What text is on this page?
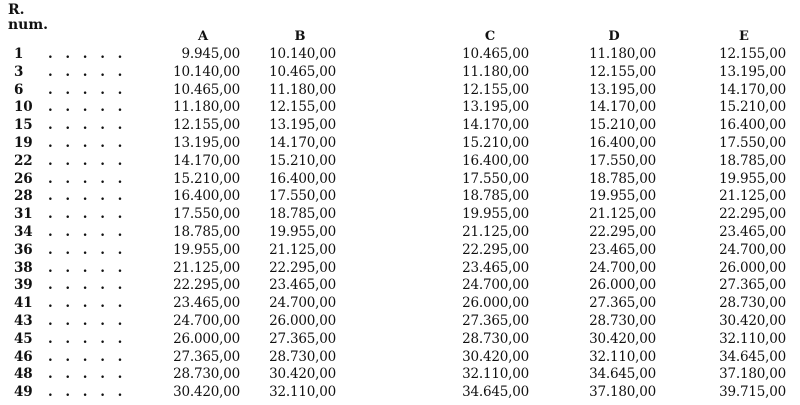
R.
num.
A	B	C	D	E
1	. . . . .	9.945,00	10.140,00	10.465,00	11.180,00	12.155,00
3	. . . . .	10.140,00	10.465,00	11.180,00	12.155,00	13.195,00
6	. . . . .	10.465,00	11.180,00	12.155,00	13.195,00	14.170,00
10	. . . . .	11.180,00	12.155,00	13.195,00	14.170,00	15.210,00
15	. . . . .	12.155,00	13.195,00	14.170,00	15.210,00	16.400,00
19	. . . . .	13.195,00	14.170,00	15.210,00	16.400,00	17.550,00
22	. . . . .	14.170,00	15.210,00	16.400,00	17.550,00	18.785,00
26	. . . . .	15.210,00	16.400,00	17.550,00	18.785,00	19.955,00
28	. . . . .	16.400,00	17.550,00	18.785,00	19.955,00	21.125,00
31	. . . . .	17.550,00	18.785,00	19.955,00	21.125,00	22.295,00
34	. . . . .	18.785,00	19.955,00	21.125,00	22.295,00	23.465,00
36	. . . . .	19.955,00	21.125,00	22.295,00	23.465,00	24.700,00
38	. . . . .	21.125,00	22.295,00	23.465,00	24.700,00	26.000,00
39	. . . . .	22.295,00	23.465,00	24.700,00	26.000,00	27.365,00
41	. . . . .	23.465,00	24.700,00	26.000,00	27.365,00	28.730,00
43	. . . . .	24.700,00	26.000,00	27.365,00	28.730,00	30.420,00
45	. . . . .	26.000,00	27.365,00	28.730,00	30.420,00	32.110,00
46	. . . . .	27.365,00	28.730,00	30.420,00	32.110,00	34.645,00
48	. . . . .	28.730,00	30.420,00	32.110,00	34.645,00	37.180,00
49	. . . . .	30.420,00	32.110,00	34.645,00	37.180,00	39.715,00
